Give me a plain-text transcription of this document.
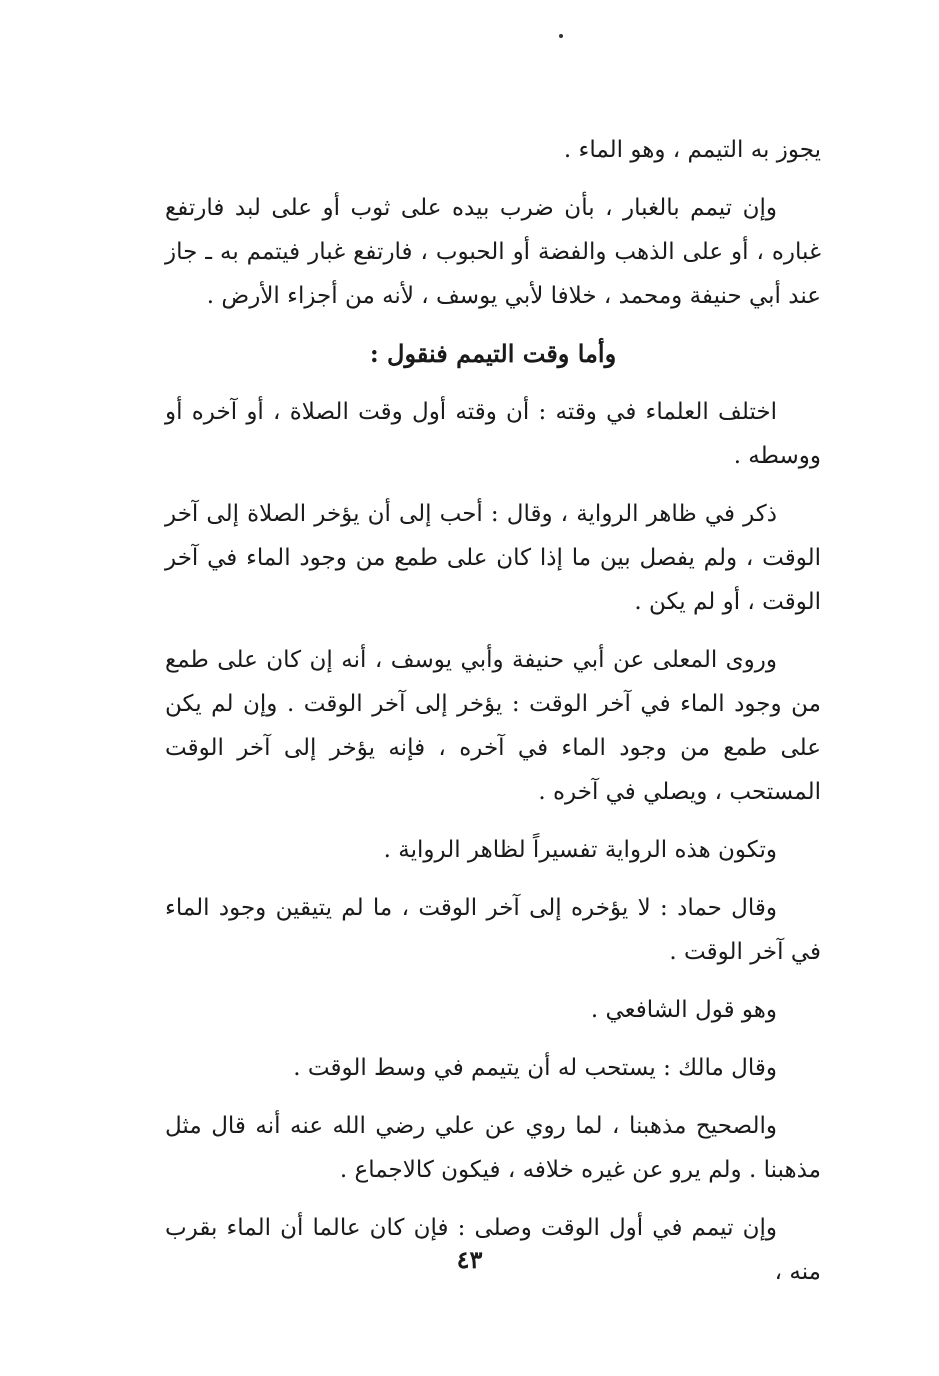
يجوز به التيمم ، وهو الماء .

وإن تيمم بالغبار ، بأن ضرب بيده على ثوب أو على لبد فارتفع غباره ، أو على الذهب والفضة أو الحبوب ، فارتفع غبار فيتمم به ـ جاز عند أبي حنيفة ومحمد ، خلافا لأبي يوسف ، لأنه من أجزاء الأرض .

وأما وقت التيمم فنقول :

اختلف العلماء في وقته : أن وقته أول وقت الصلاة ، أو آخره أو ووسطه .

ذكر في ظاهر الرواية ، وقال : أحب إلى أن يؤخر الصلاة إلى آخر الوقت ، ولم يفصل بين ما إذا كان على طمع من وجود الماء في آخر الوقت ، أو لم يكن .

وروى المعلى عن أبي حنيفة وأبي يوسف ، أنه إن كان على طمع من وجود الماء في آخر الوقت : يؤخر إلى آخر الوقت . وإن لم يكن على طمع من وجود الماء في آخره ، فإنه يؤخر إلى آخر الوقت المستحب ، ويصلي في آخره .

وتكون هذه الرواية تفسيراً لظاهر الرواية .

وقال حماد : لا يؤخره إلى آخر الوقت ، ما لم يتيقين وجود الماء في آخر الوقت .

وهو قول الشافعي .

وقال مالك : يستحب له أن يتيمم في وسط الوقت .

والصحيح مذهبنا ، لما روي عن علي رضي الله عنه أنه قال مثل مذهبنا . ولم يرو عن غيره خلافه ، فيكون كالاجماع .

وإن تيمم في أول الوقت وصلى : فإن كان عالما أن الماء بقرب منه ،

٤٣
